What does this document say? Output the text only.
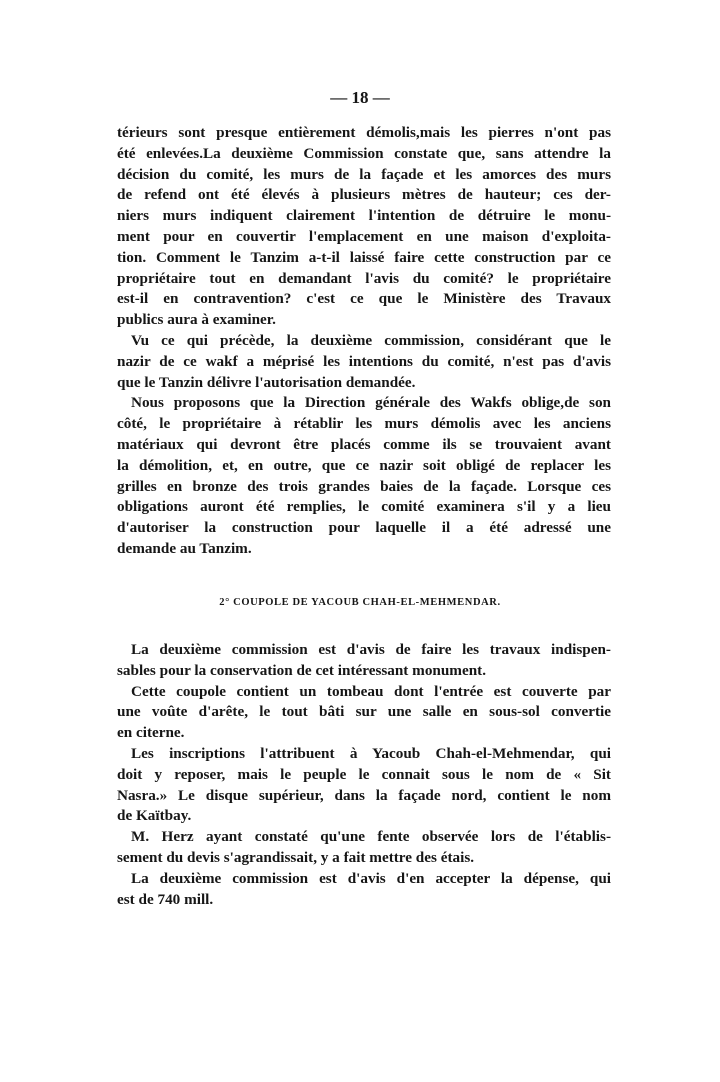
— 18 —
térieurs sont presque entièrement démolis,mais les pierres n'ont pas
été enlevées.La deuxième Commission constate que, sans attendre la
décision du comité, les murs de la façade et les amorces des murs
de refend ont été élevés à plusieurs mètres de hauteur; ces der-
niers murs indiquent clairement l'intention de détruire le monu-
ment pour en couvertir l'emplacement en une maison d'exploita-
tion. Comment le Tanzim a-t-il laissé faire cette construction par ce
propriétaire tout en demandant l'avis du comité? le propriétaire
est-il en contravention? c'est ce que le Ministère des Travaux
publics aura à examiner.
Vu ce qui précède, la deuxième commission, considérant que le
nazir de ce wakf a méprisé les intentions du comité, n'est pas d'avis
que le Tanzin délivre l'autorisation demandée.
Nous proposons que la Direction générale des Wakfs oblige,de son
côté, le propriétaire à rétablir les murs démolis avec les anciens
matériaux qui devront être placés comme ils se trouvaient avant
la démolition, et, en outre, que ce nazir soit obligé de replacer les
grilles en bronze des trois grandes baies de la façade. Lorsque ces
obligations auront été remplies, le comité examinera s'il y a lieu
d'autoriser la construction pour laquelle il a été adressé une
demande au Tanzim.
2° COUPOLE DE YACOUB CHAH-EL-MEHMENDAR.
La deuxième commission est d'avis de faire les travaux indispen-
sables pour la conservation de cet intéressant monument.
Cette coupole contient un tombeau dont l'entrée est couverte par
une voûte d'arête, le tout bâti sur une salle en sous-sol convertie
en citerne.
Les inscriptions l'attribuent à Yacoub Chah-el-Mehmendar, qui
doit y reposer, mais le peuple le connait sous le nom de « Sit
Nasra.» Le disque supérieur, dans la façade nord, contient le nom
de Kaïtbay.
M. Herz ayant constaté qu'une fente observée lors de l'établis-
sement du devis s'agrandissait, y a fait mettre des étais.
La deuxième commission est d'avis d'en accepter la dépense, qui
est de 740 mill.
